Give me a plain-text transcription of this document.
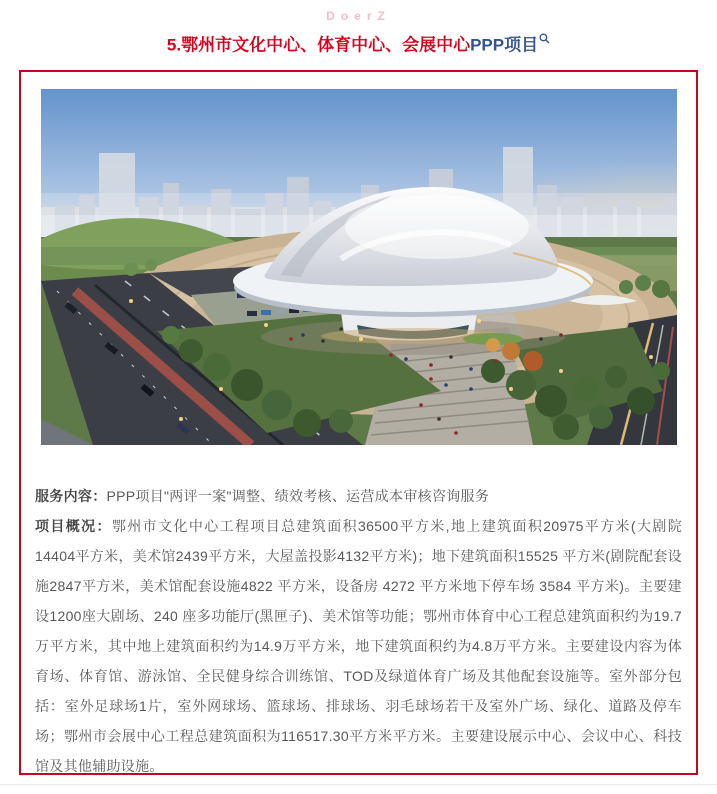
DoerZ
5.鄂州市文化中心、体育中心、会展中心PPP项目

服务内容：PPP项目"两评一案"调整、绩效考核、运营成本审核咨询服务

项目概况：鄂州市文化中心工程项目总建筑面积36500平方米,地上建筑面积20975平方米(大剧院 14404平方米，美术馆2439平方米，大屋盖投影4132平方米)；地下建筑面积15525 平方米(剧院配套设施2847平方米，美术馆配套设施4822 平方米，设备房 4272 平方米地下停车场 3584 平方米)。主要建设1200座大剧场、240 座多功能厅(黑匣子)、美术馆等功能；鄂州市体育中心工程总建筑面积约为19.7万平方米，其中地上建筑面积约为14.9万平方米，地下建筑面积约为4.8万平方米。主要建设内容为体育场、体育馆、游泳馆、全民健身综合训练馆、TOD及绿道体育广场及其他配套设施等。室外部分包括：室外足球场1片，室外网球场、篮球场、排球场、羽毛球场若干及室外广场、绿化、道路及停车场；鄂州市会展中心工程总建筑面积为116517.30平方米平方米。主要建设展示中心、会议中心、科技馆及其他辅助设施。
